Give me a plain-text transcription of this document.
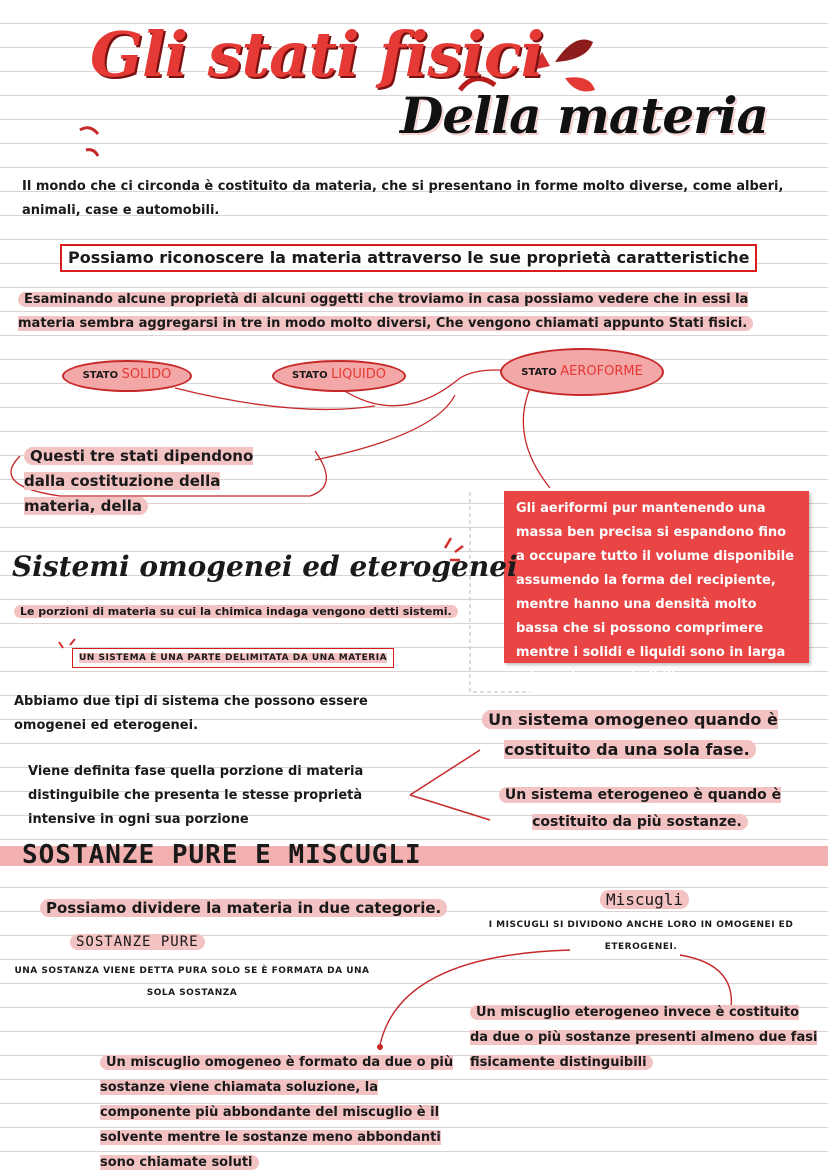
Gli stati fisici
Della materia
Il mondo che ci circonda è costituito da materia, che si presentano in forme molto diverse, come alberi, animali, case e automobili.
Possiamo riconoscere la materia attraverso le sue proprietà caratteristiche
Esaminando alcune proprietà di alcuni oggetti che troviamo in casa possiamo vedere che in essi la materia sembra aggregarsi in tre in modo molto diversi, Che vengono chiamati appunto Stati fisici.
STATO SOLIDO	STATO LIQUIDO	STATO AEROFORME
Questi tre stati dipendono dalla costituzione della materia, della	Gli aeriformi pur mantenendo una massa ben precisa si espandono fino a occupare tutto il volume disponibile assumendo la forma del recipiente, mentre hanno una densità molto bassa che si possono comprimere mentre i solidi e liquidi sono in larga misura incomprimibili.
Sistemi omogenei ed eterogenei
Le porzioni di materia su cui la chimica indaga vengono detti sistemi.
UN SISTEMA È UNA PARTE DELIMITATA DA UNA MATERIA
Abbiamo due tipi di sistema che possono essere omogenei ed eterogenei.
Viene definita fase quella porzione di materia distinguibile che presenta le stesse proprietà intensive in ogni sua porzione
Un sistema omogeneo quando è costituito da una sola fase.
Un sistema eterogeneo è quando è costituito da più sostanze.
SOSTANZE PURE E MISCUGLI
Possiamo dividere la materia in due categorie.
SOSTANZE PURE
UNA SOSTANZA VIENE DETTA PURA SOLO SE È FORMATA DA UNA SOLA SOSTANZA
Miscugli
I MISCUGLI SI DIVIDONO ANCHE LORO IN OMOGENEI ED ETEROGENEI.
Un miscuglio eterogeneo invece è costituito da due o più sostanze presenti almeno due fasi fisicamente distinguibili
Un miscuglio omogeneo è formato da due o più sostanze viene chiamata soluzione, la componente più abbondante del miscuglio è il solvente mentre le sostanze meno abbondanti sono chiamate soluti
